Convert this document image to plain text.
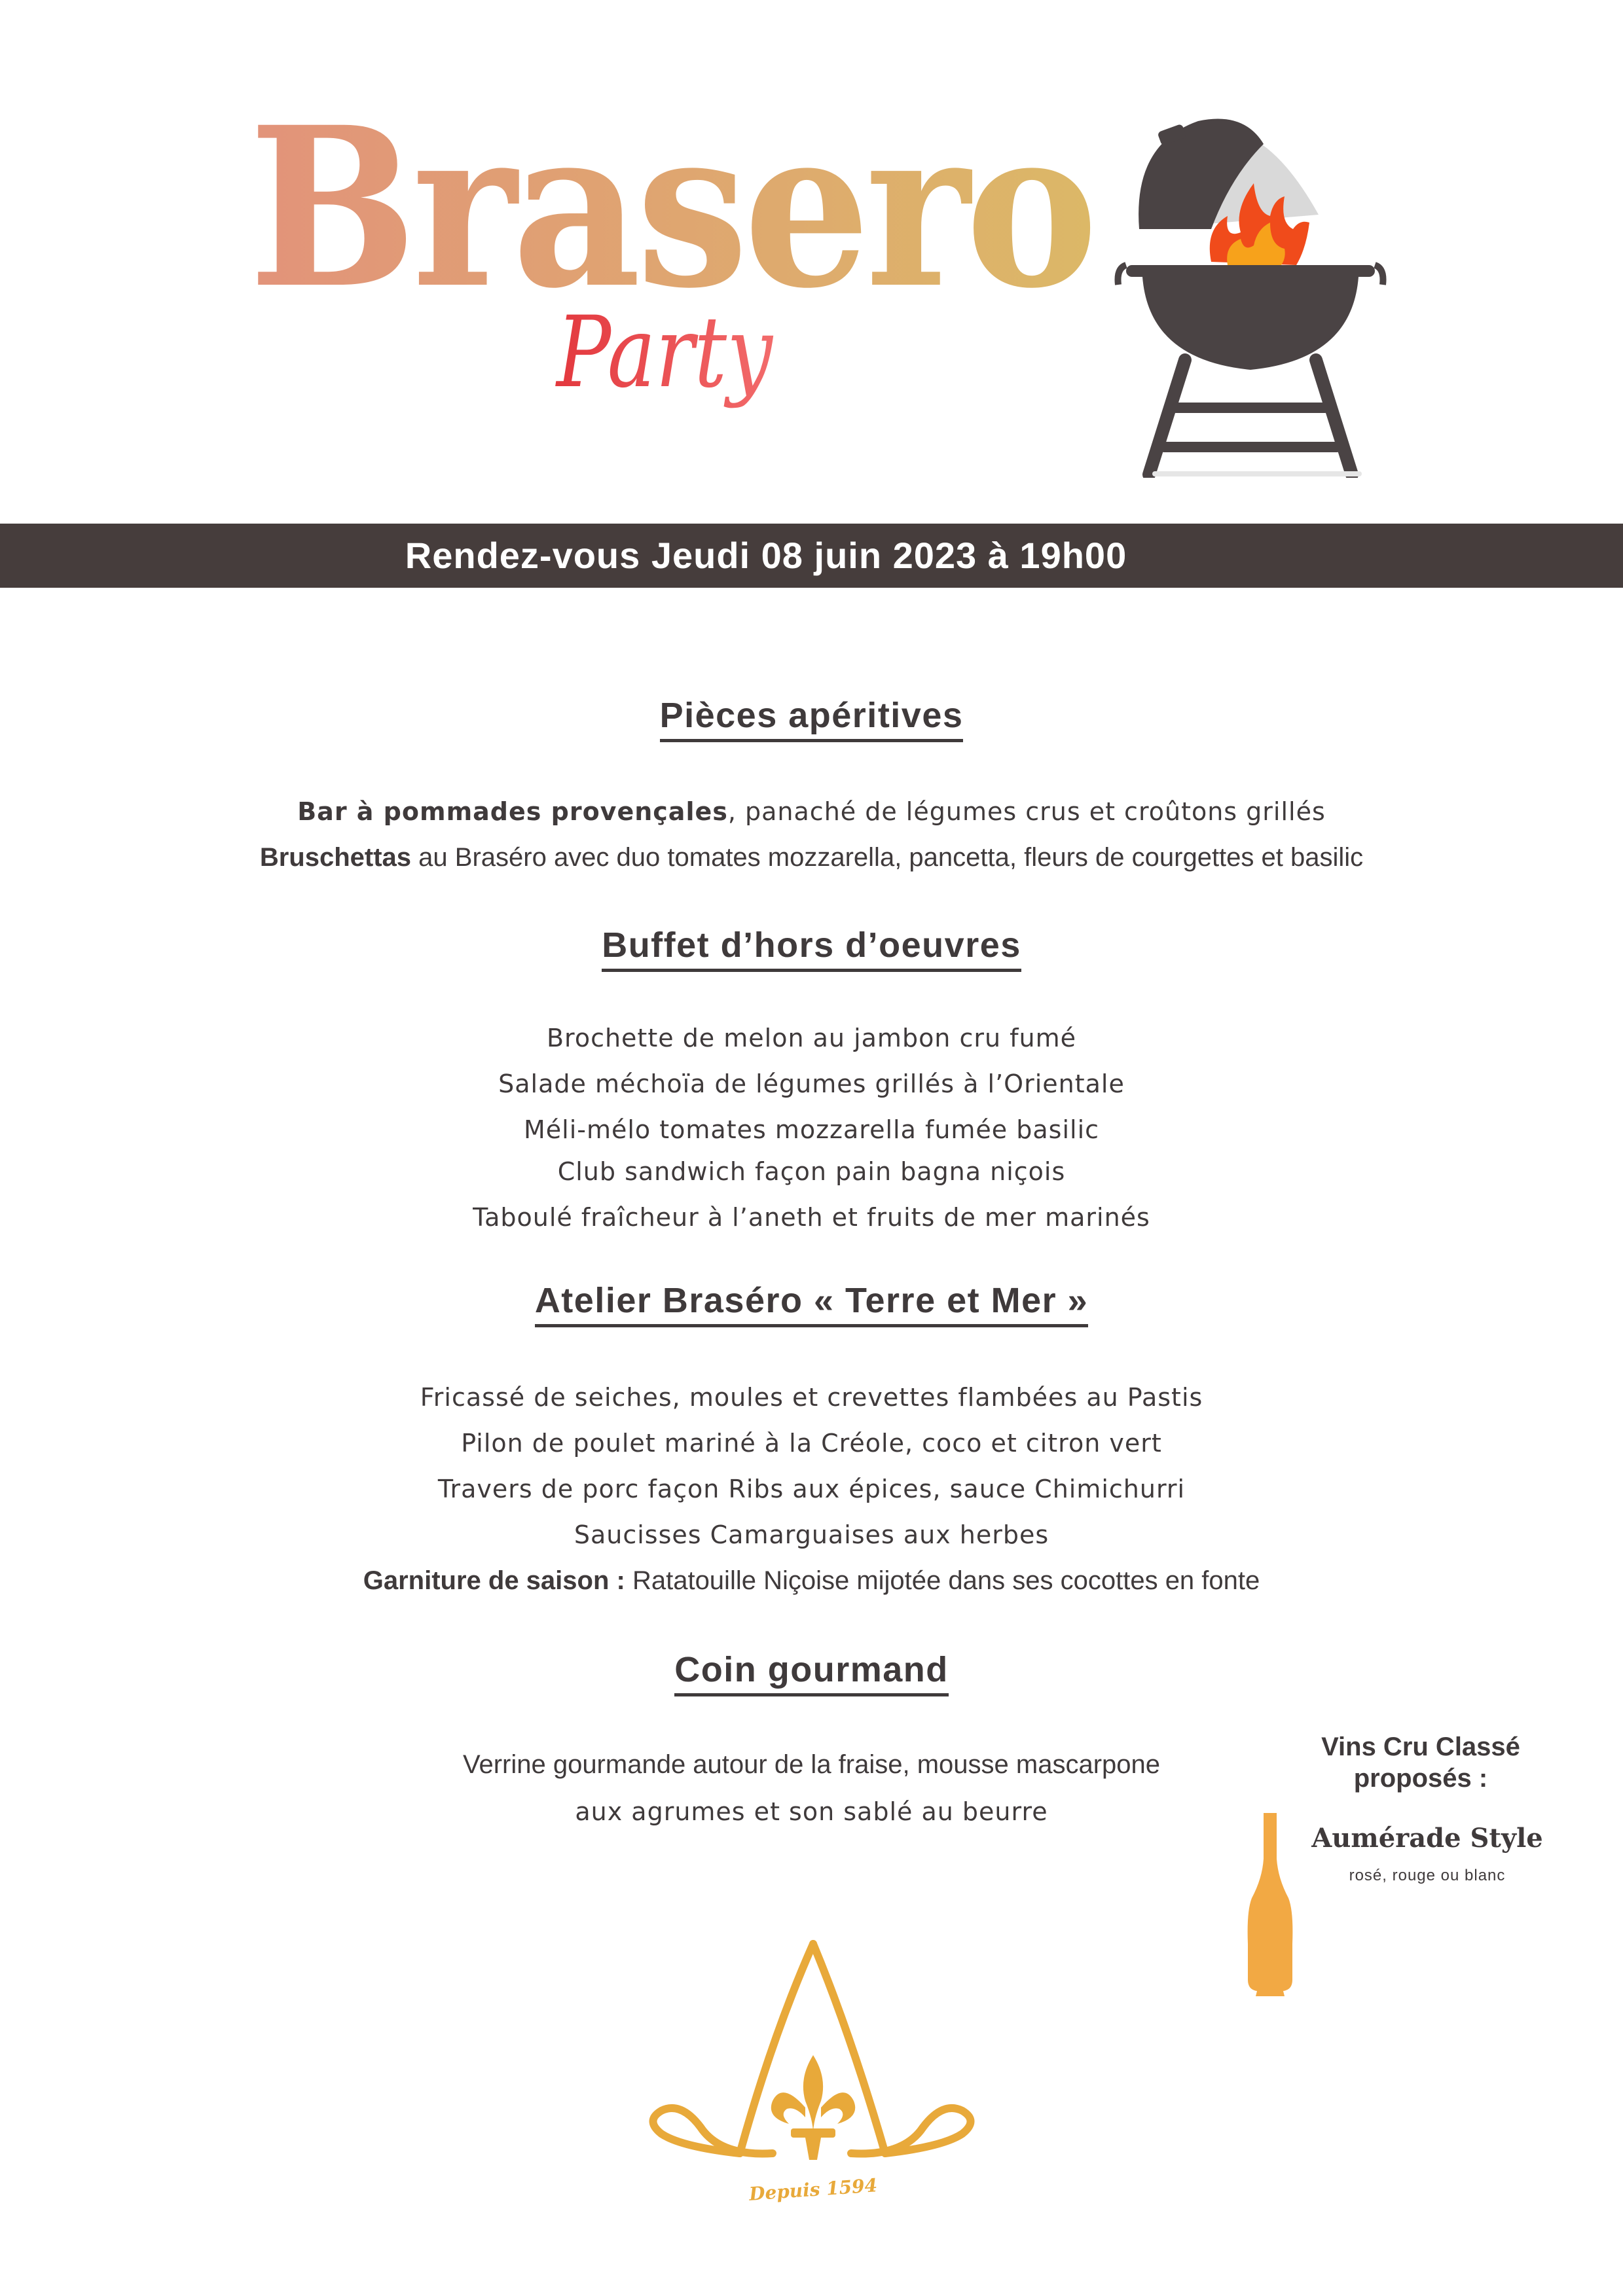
Brasero
Party
Rendez-vous Jeudi 08 juin 2023 à 19h00
Pièces apéritives
Bar à pommades provençales, panaché de légumes crus et croûtons grillés
Bruschettas au Braséro avec duo tomates mozzarella, pancetta, fleurs de courgettes et basilic
Buffet d’hors d’oeuvres
Brochette de melon au jambon cru fumé
Salade méchoïa de légumes grillés à l’Orientale
Méli-mélo tomates mozzarella fumée basilic
Club sandwich façon pain bagna niçois
Taboulé fraîcheur à l’aneth et fruits de mer marinés
Atelier Braséro « Terre et Mer »
Fricassé de seiches, moules et crevettes flambées au Pastis
Pilon de poulet mariné à la Créole, coco et citron vert
Travers de porc façon Ribs aux épices, sauce Chimichurri
Saucisses Camarguaises aux herbes
Garniture de saison : Ratatouille Niçoise mijotée dans ses cocottes en fonte
Coin gourmand
Verrine gourmande autour de la fraise, mousse mascarpone
aux agrumes et son sablé au beurre
Vins Cru Classé
proposés :
Aumérade Style
rosé, rouge ou blanc
Depuis 1594
